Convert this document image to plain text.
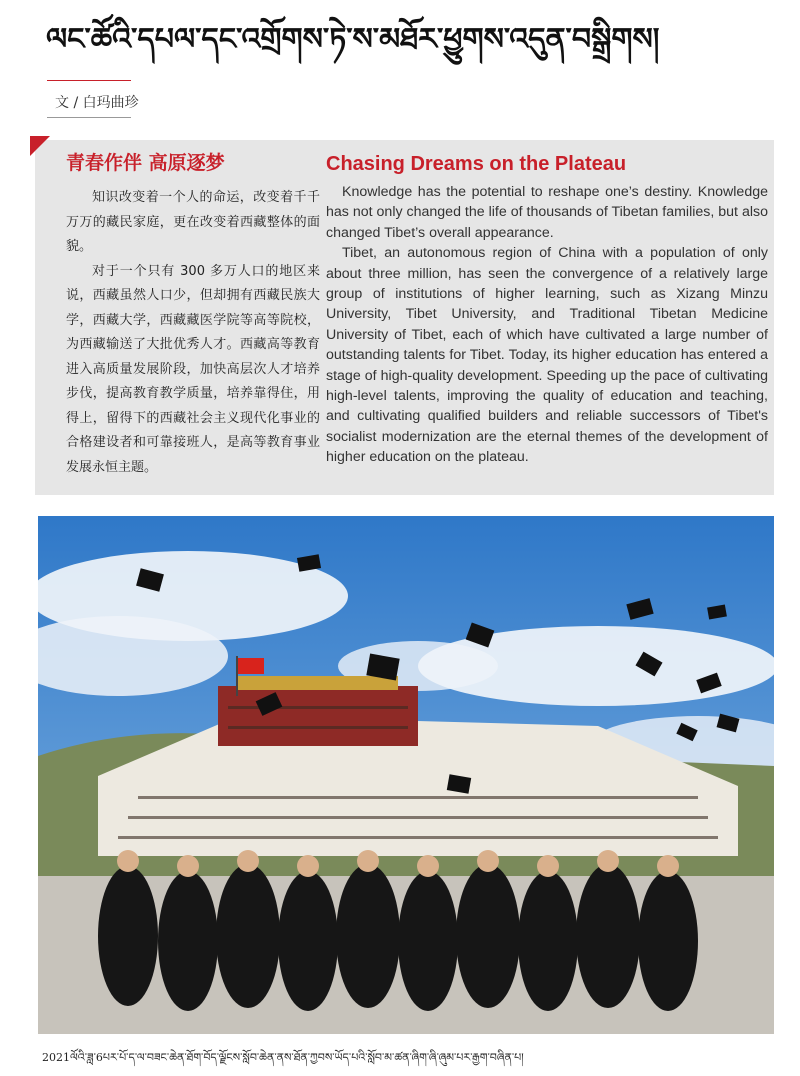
ལང་ཚོའི་དཔལ་དང་འགྲོགས་ཏེ་ས་མཐོར་ཕྱུགས་འདུན་བསྒྲིགས།
文 / 白玛曲珍
青春作伴 高原逐梦

知识改变着一个人的命运，改变着千千万万的藏民家庭，更在改变着西藏整体的面貌。

对于一个只有 300 多万人口的地区来说，西藏虽然人口少，但却拥有西藏民族大学，西藏大学，西藏藏医学院等高等院校，为西藏输送了大批优秀人才。西藏高等教育进入高质量发展阶段，加快高层次人才培养步伐，提高教育教学质量，培养靠得住，用得上，留得下的西藏社会主义现代化事业的合格建设者和可靠接班人，是高等教育事业发展永恒主题。

Chasing Dreams on the Plateau

Knowledge has the potential to reshape one’s destiny. Knowledge has not only changed the life of thousands of Tibetan families, but also changed Tibet’s overall appearance.

Tibet, an autonomous region of China with a population of only about three million, has seen the convergence of a relatively large group of institutions of higher learning, such as Xizang Minzu University, Tibet University, and Traditional Tibetan Medicine University of Tibet, each of which have cultivated a large number of outstanding talents for Tibet. Today, its higher education has entered a stage of high-quality development. Speeding up the pace of cultivating high-level talents, improving the quality of education and teaching, and cultivating qualified builders and reliable successors of Tibet's socialist modernization are the eternal themes of the development of higher education on the plateau.

2021ལོའི་ཟླ་6པར་པོ་ད་ལ་བཟང་ཆེན་ཐོག་བོད་ལྗོངས་སློབ་ཆེན་ནས་ཐོན་ཀྱབས་ཡོད་པའི་སློབ་མ་ཚན་ཞིག་ཞི་ཞུམ་པར་རྒྱག་བཞིན་པ།
